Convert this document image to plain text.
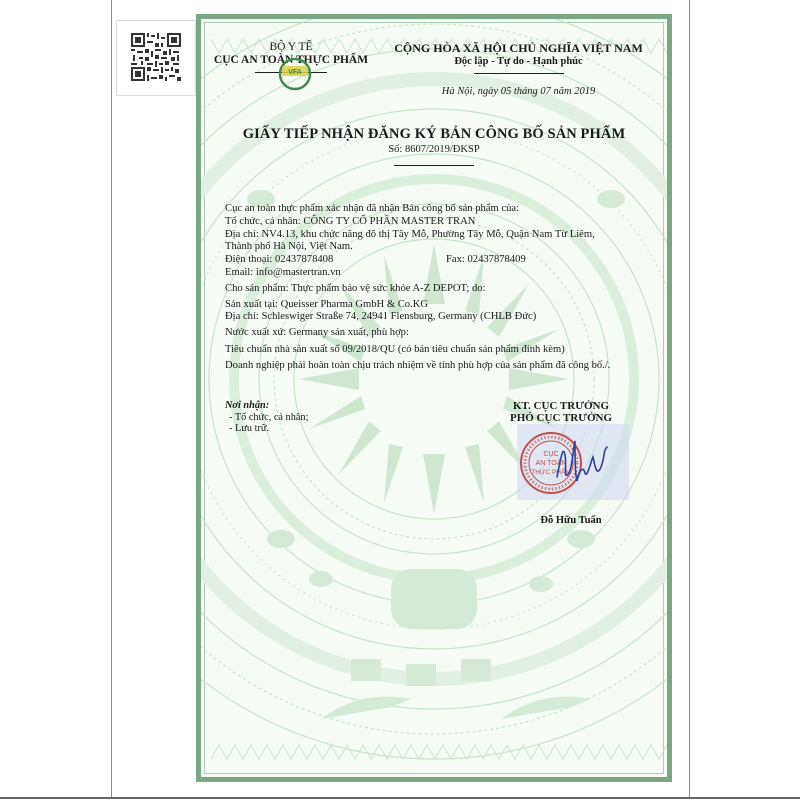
BỘ Y TẾ
CỤC AN TOÀN THỰC PHẨM
VFA
CỘNG HÒA XÃ HỘI CHỦ NGHĨA VIỆT NAM
Độc lập - Tự do - Hạnh phúc
Hà Nội, ngày 05 tháng 07 năm 2019
GIẤY TIẾP NHẬN ĐĂNG KÝ BẢN CÔNG BỐ SẢN PHẨM
Số: 8607/2019/ĐKSP

Cục an toàn thực phẩm xác nhận đã nhận Bản công bố sản phẩm của:

Tổ chức, cá nhân: CÔNG TY CỔ PHẦN MASTER TRAN

Địa chỉ: NV4.13, khu chức năng đô thị Tây Mỗ, Phường Tây Mỗ, Quận Nam Từ Liêm,

Thành phố Hà Nội, Việt Nam.

Điện thoại: 02437878408	Fax: 02437878409

Email: info@mastertran.vn

Cho sản phẩm: Thực phẩm bảo vệ sức khỏe A-Z DEPOT; do:

Sản xuất tại: Queisser Pharma GmbH & Co.KG

Địa chỉ: Schleswiger Straße 74, 24941 Flensburg, Germany (CHLB Đức)

Nước xuất xứ: Germany sản xuất, phù hợp:

Tiêu chuẩn nhà sản xuất số 09/2018/QU (có bản tiêu chuẩn sản phẩm đính kèm)

Doanh nghiệp phải hoàn toàn chịu trách nhiệm về tính phù hợp của sản phẩm đã công bố./.

Nơi nhận:
- Tổ chức, cá nhân;
- Lưu trữ.
KT. CỤC TRƯỞNG
PHÓ CỤC TRƯỞNG
CỤC
AN TOÀN
THỰC PHẨM
Đỗ Hữu Tuấn
